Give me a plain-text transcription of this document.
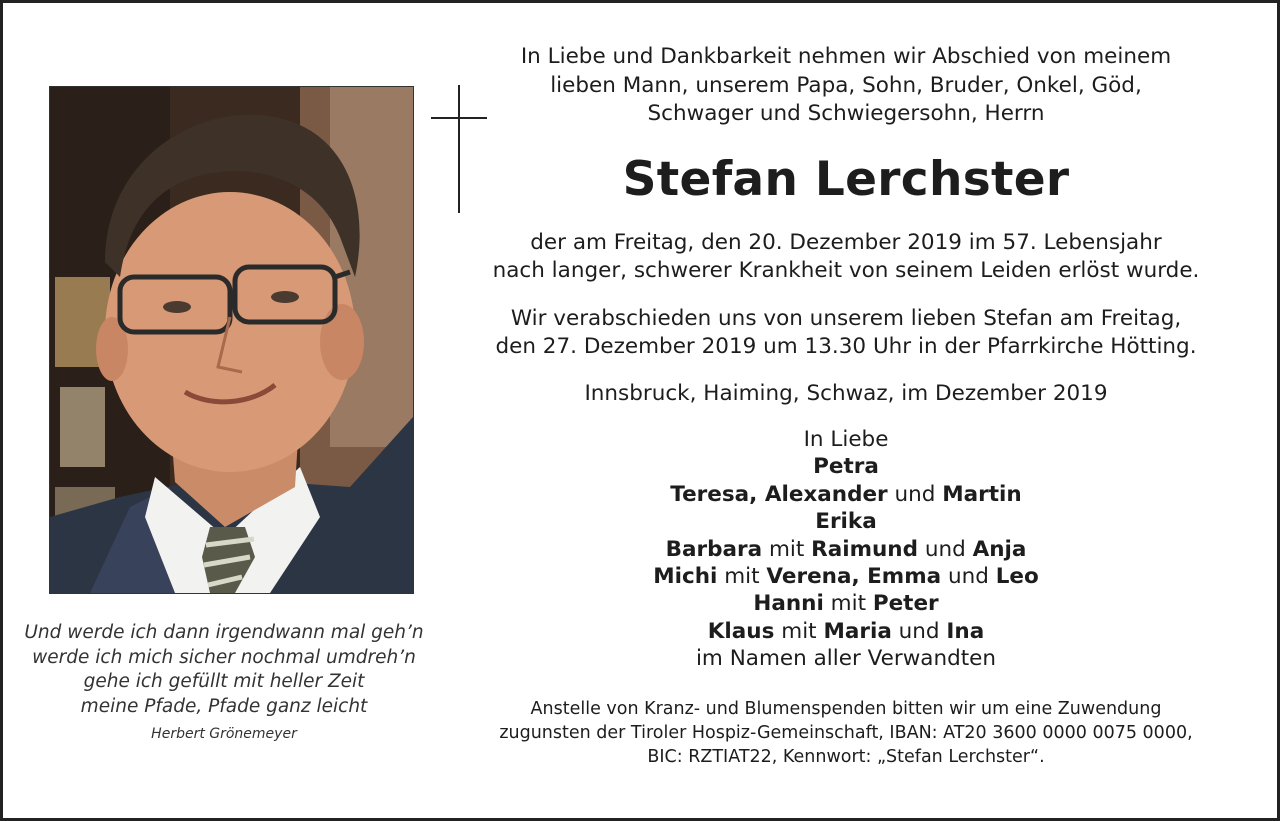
Und werde ich dann irgendwann mal geh’n
werde ich mich sicher nochmal umdreh’n
gehe ich gefüllt mit heller Zeit
meine Pfade, Pfade ganz leicht
Herbert Grönemeyer
In Liebe und Dankbarkeit nehmen wir Abschied von meinem
lieben Mann, unserem Papa, Sohn, Bruder, Onkel, Göd,
Schwager und Schwiegersohn, Herrn
Stefan Lerchster
der am Freitag, den 20. Dezember 2019 im 57. Lebensjahr
nach langer, schwerer Krankheit von seinem Leiden erlöst wurde.
Wir verabschieden uns von unserem lieben Stefan am Freitag,
den 27. Dezember 2019 um 13.30 Uhr in der Pfarrkirche Hötting.
Innsbruck, Haiming, Schwaz, im Dezember 2019
In Liebe
Petra
Teresa, Alexander und Martin
Erika
Barbara mit Raimund und Anja
Michi mit Verena, Emma und Leo
Hanni mit Peter
Klaus mit Maria und Ina
im Namen aller Verwandten
Anstelle von Kranz- und Blumenspenden bitten wir um eine Zuwendung
zugunsten der Tiroler Hospiz-Gemeinschaft, IBAN: AT20 3600 0000 0075 0000,
BIC: RZTIAT22, Kennwort: „Stefan Lerchster“.
